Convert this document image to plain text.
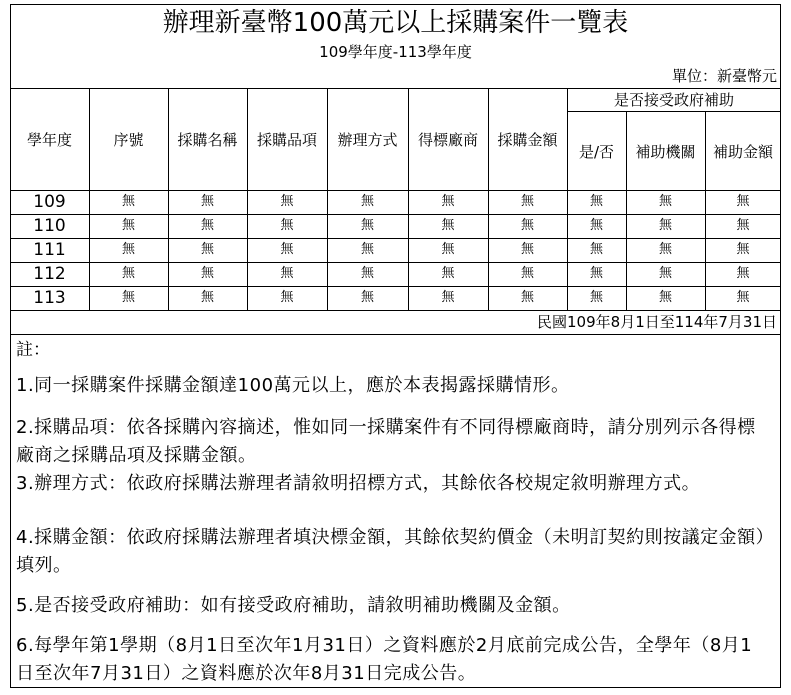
辦理新臺幣100萬元以上採購案件一覽表
109學年度-113學年度
單位：新臺幣元
學年度	序號	採購名稱	採購品項	辦理方式	得標廠商	採購金額
是否接受政府補助
是/否	補助機關	補助金額
109	無	無	無	無	無	無	無	無	無
110	無	無	無	無	無	無	無	無	無
111	無	無	無	無	無	無	無	無	無
112	無	無	無	無	無	無	無	無	無
113	無	無	無	無	無	無	無	無	無
民國109年8月1日至114年7月31日
註：
1.同一採購案件採購金額達100萬元以上，應於本表揭露採購情形。
2.採購品項：依各採購內容摘述，惟如同一採購案件有不同得標廠商時，請分別列示各得標廠商之採購品項及採購金額。
3.辦理方式：依政府採購法辦理者請敘明招標方式，其餘依各校規定敘明辦理方式。
4.採購金額：依政府採購法辦理者填決標金額，其餘依契約價金（未明訂契約則按議定金額）填列。
5.是否接受政府補助：如有接受政府補助，請敘明補助機關及金額。
6.每學年第1學期（8月1日至次年1月31日）之資料應於2月底前完成公告，全學年（8月1日至次年7月31日）之資料應於次年8月31日完成公告。
